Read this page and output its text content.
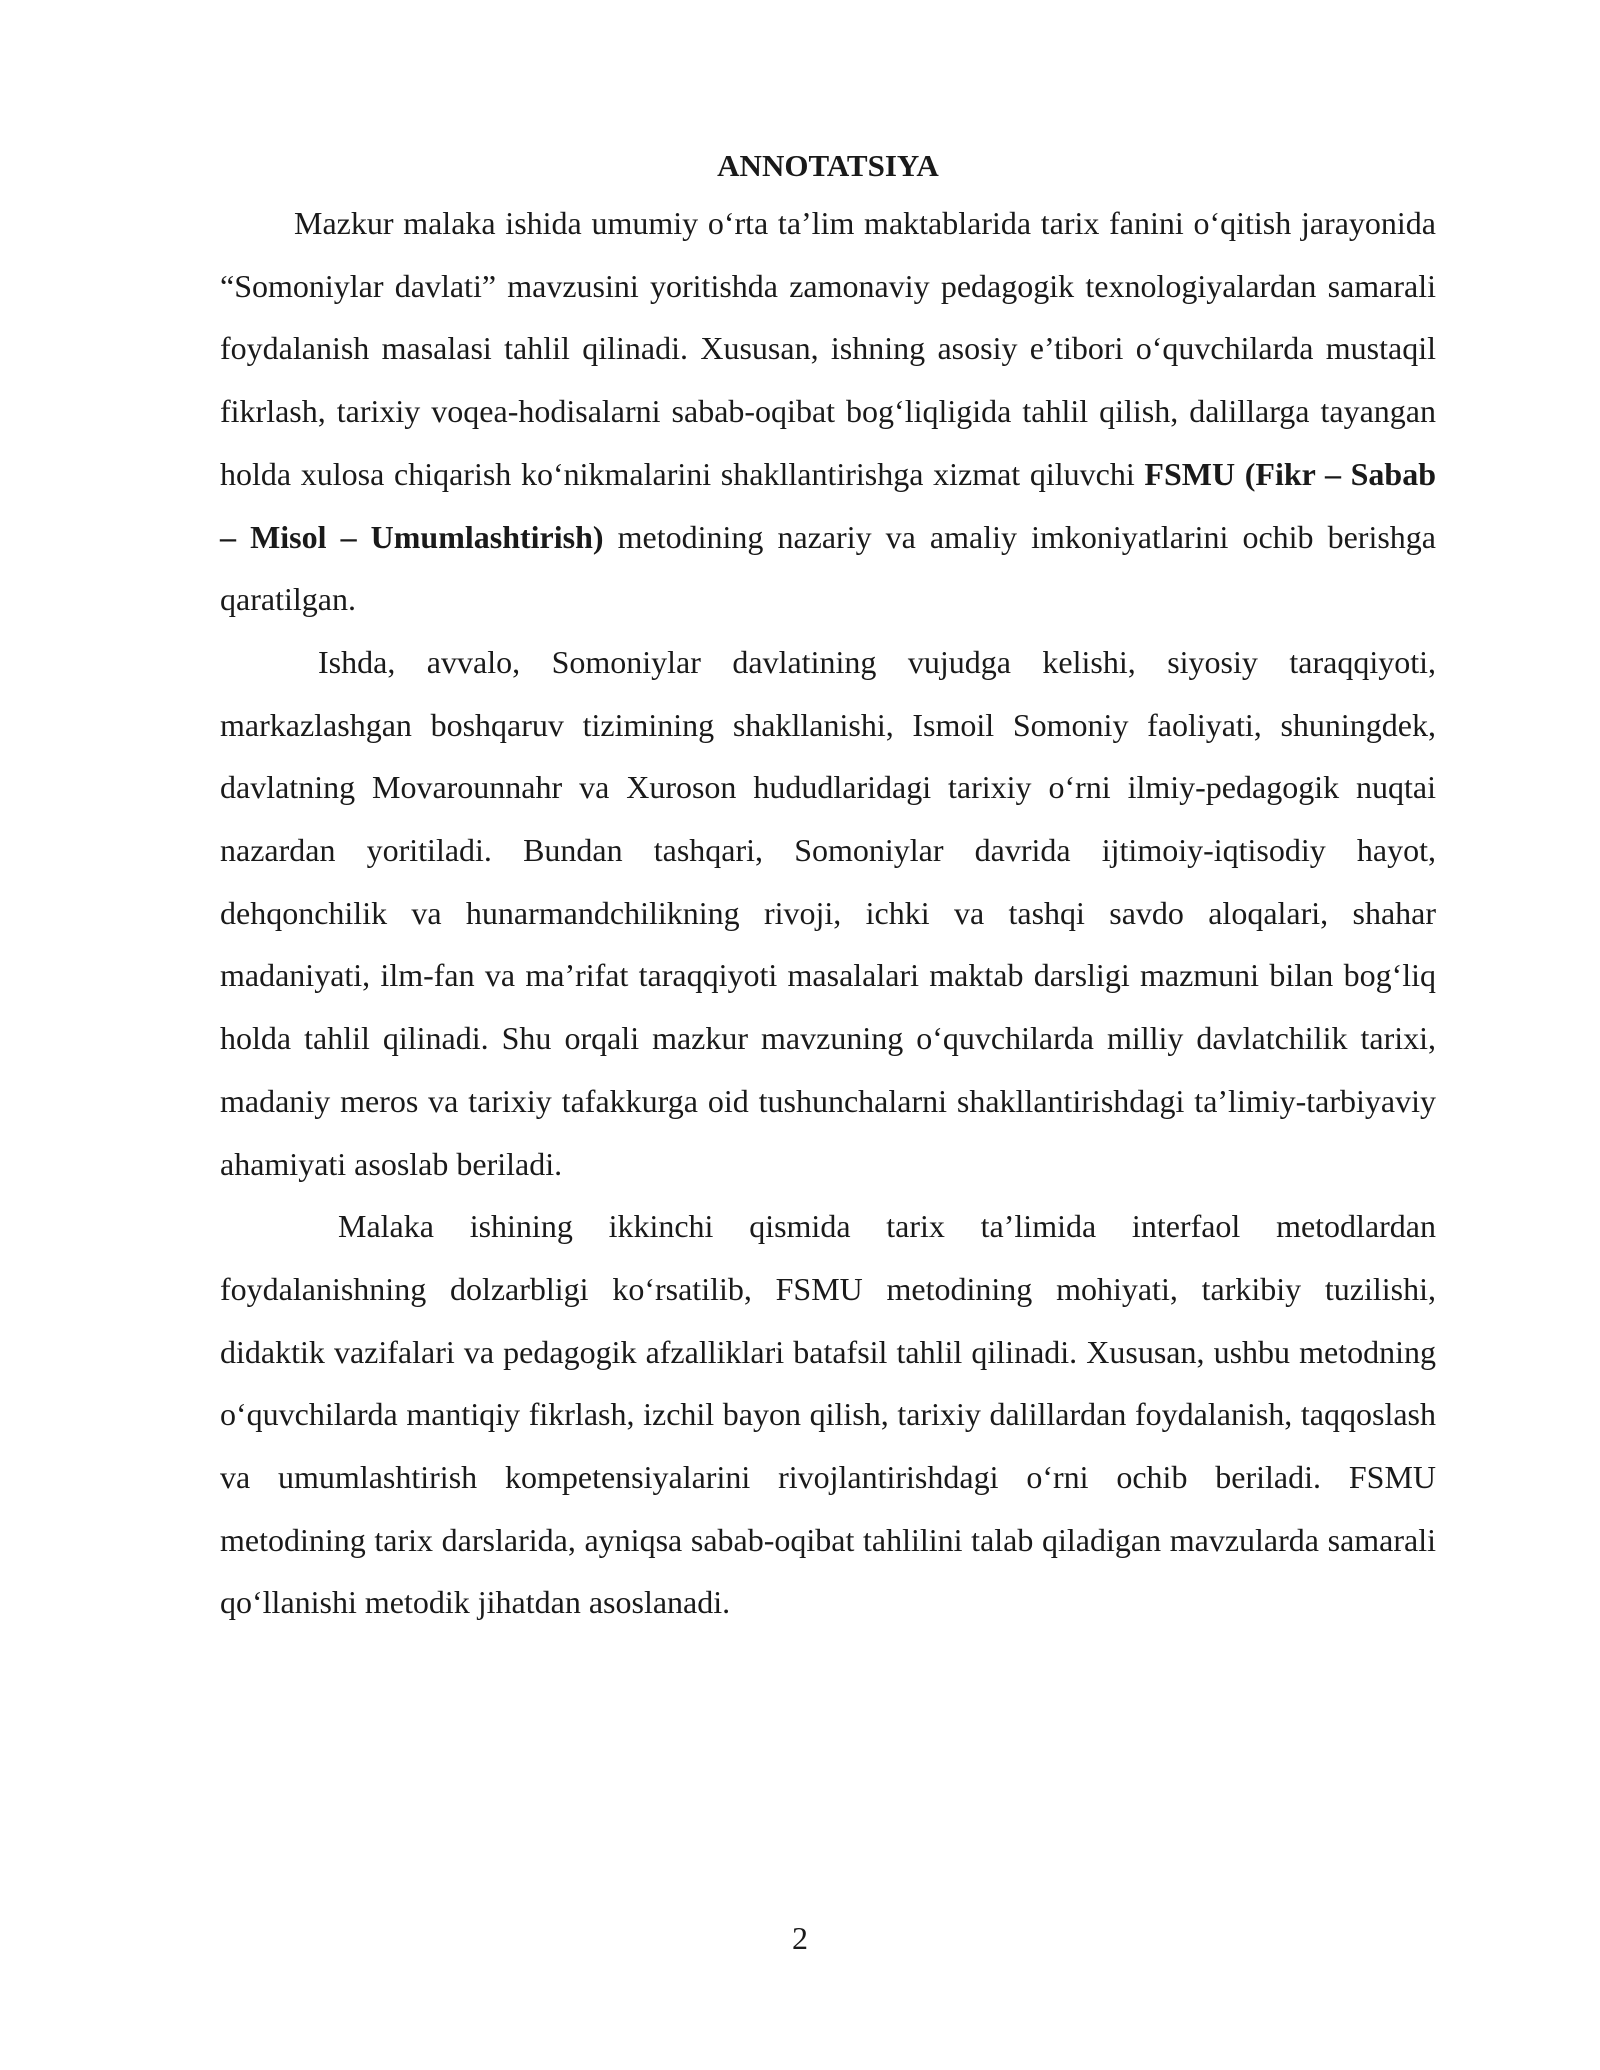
ANNOTATSIYA

Mazkur malaka ishida umumiy o‘rta ta’lim maktablarida tarix fanini o‘qitish jarayonida “Somoniylar davlati” mavzusini yoritishda zamonaviy pedagogik texnologiyalardan samarali foydalanish masalasi tahlil qilinadi. Xususan, ishning asosiy e’tibori o‘quvchilarda mustaqil fikrlash, tarixiy voqea-hodisalarni sabab-oqibat bog‘liqligida tahlil qilish, dalillarga tayangan holda xulosa chiqarish ko‘nikmalarini shakllantirishga xizmat qiluvchi FSMU (Fikr – Sabab – Misol – Umumlashtirish) metodining nazariy va amaliy imkoniyatlarini ochib berishga qaratilgan.

Ishda, avvalo, Somoniylar davlatining vujudga kelishi, siyosiy taraqqiyoti, markazlashgan boshqaruv tizimining shakllanishi, Ismoil Somoniy faoliyati, shuningdek, davlatning Movarounnahr va Xuroson hududlaridagi tarixiy o‘rni ilmiy-pedagogik nuqtai nazardan yoritiladi. Bundan tashqari, Somoniylar davrida ijtimoiy-iqtisodiy hayot, dehqonchilik va hunarmandchilikning rivoji, ichki va tashqi savdo aloqalari, shahar madaniyati, ilm-fan va ma’rifat taraqqiyoti masalalari maktab darsligi mazmuni bilan bog‘liq holda tahlil qilinadi. Shu orqali mazkur mavzuning o‘quvchilarda milliy davlatchilik tarixi, madaniy meros va tarixiy tafakkurga oid tushunchalarni shakllantirishdagi ta’limiy-tarbiyaviy ahamiyati asoslab beriladi.

Malaka ishining ikkinchi qismida tarix ta’limida interfaol metodlardan foydalanishning dolzarbligi ko‘rsatilib, FSMU metodining mohiyati, tarkibiy tuzilishi, didaktik vazifalari va pedagogik afzalliklari batafsil tahlil qilinadi. Xususan, ushbu metodning o‘quvchilarda mantiqiy fikrlash, izchil bayon qilish, tarixiy dalillardan foydalanish, taqqoslash va umumlashtirish kompetensiyalarini rivojlantirishdagi o‘rni ochib beriladi. FSMU metodining tarix darslarida, ayniqsa sabab-oqibat tahlilini talab qiladigan mavzularda samarali qo‘llanishi metodik jihatdan asoslanadi.

2
